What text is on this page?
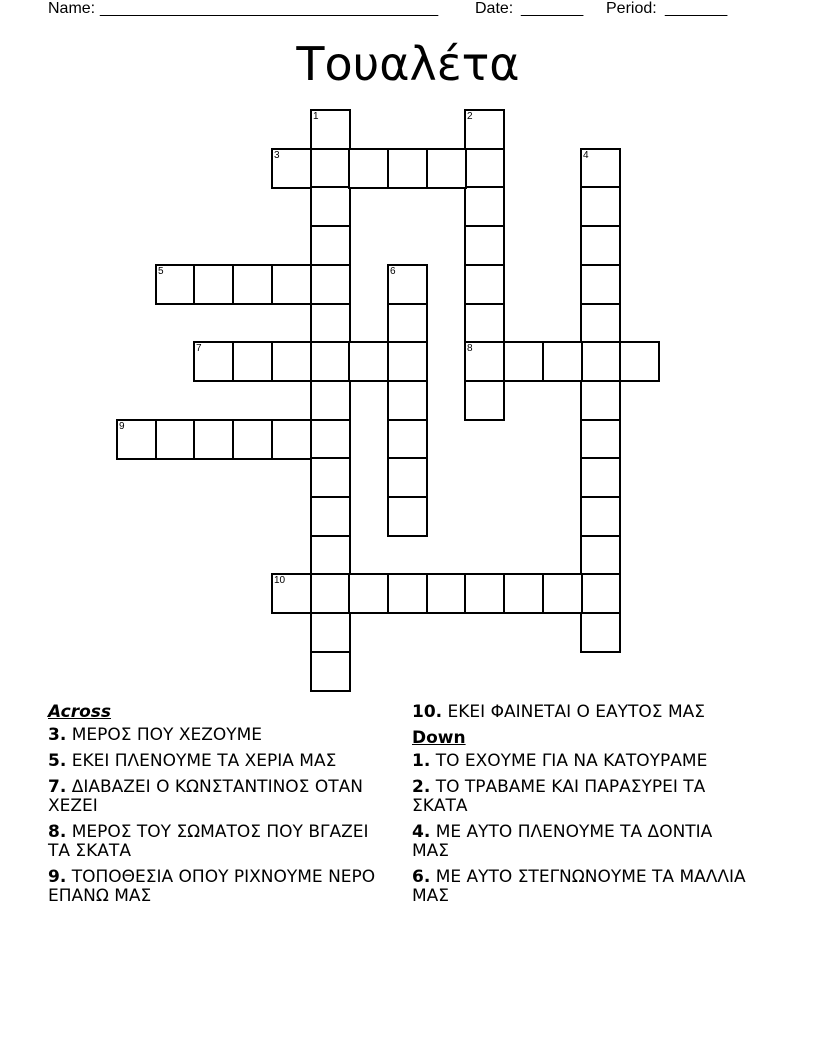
Name: ______________________________________ Date: _______ Period: _______
Τουαλέτα
1	2
8
3	4
5	6
7
9
10
Across
3. ΜΕΡΟΣ ΠΟΥ ΧΕΖΟΥΜΕ
5. ΕΚΕΙ ΠΛΕΝΟΥΜΕ ΤΑ ΧΕΡΙΑ ΜΑΣ
7. ΔΙΑΒΑΖΕΙ Ο ΚΩΝΣΤΑΝΤΙΝΟΣ ΟΤΑΝ ΧΕΖΕΙ
8. ΜΕΡΟΣ ΤΟΥ ΣΩΜΑΤΟΣ ΠΟΥ ΒΓΑΖΕΙ ΤΑ ΣΚΑΤΑ
9. ΤΟΠΟΘΕΣΙΑ ΟΠΟΥ ΡΙΧΝΟΥΜΕ ΝΕΡΟ ΕΠΑΝΩ ΜΑΣ
10. ΕΚΕΙ ΦΑΙΝΕΤΑΙ Ο ΕΑΥΤΟΣ ΜΑΣ
Down
1. ΤΟ ΕΧΟΥΜΕ ΓΙΑ ΝΑ ΚΑΤΟΥΡΑΜΕ
2. ΤΟ ΤΡΑΒΑΜΕ ΚΑΙ ΠΑΡΑΣΥΡΕΙ ΤΑ ΣΚΑΤΑ
4. ΜΕ ΑΥΤΟ ΠΛΕΝΟΥΜΕ ΤΑ ΔΟΝΤΙΑ ΜΑΣ
6. ΜΕ ΑΥΤΟ ΣΤΕΓΝΩΝΟΥΜΕ ΤΑ ΜΑΛΛΙΑ ΜΑΣ
